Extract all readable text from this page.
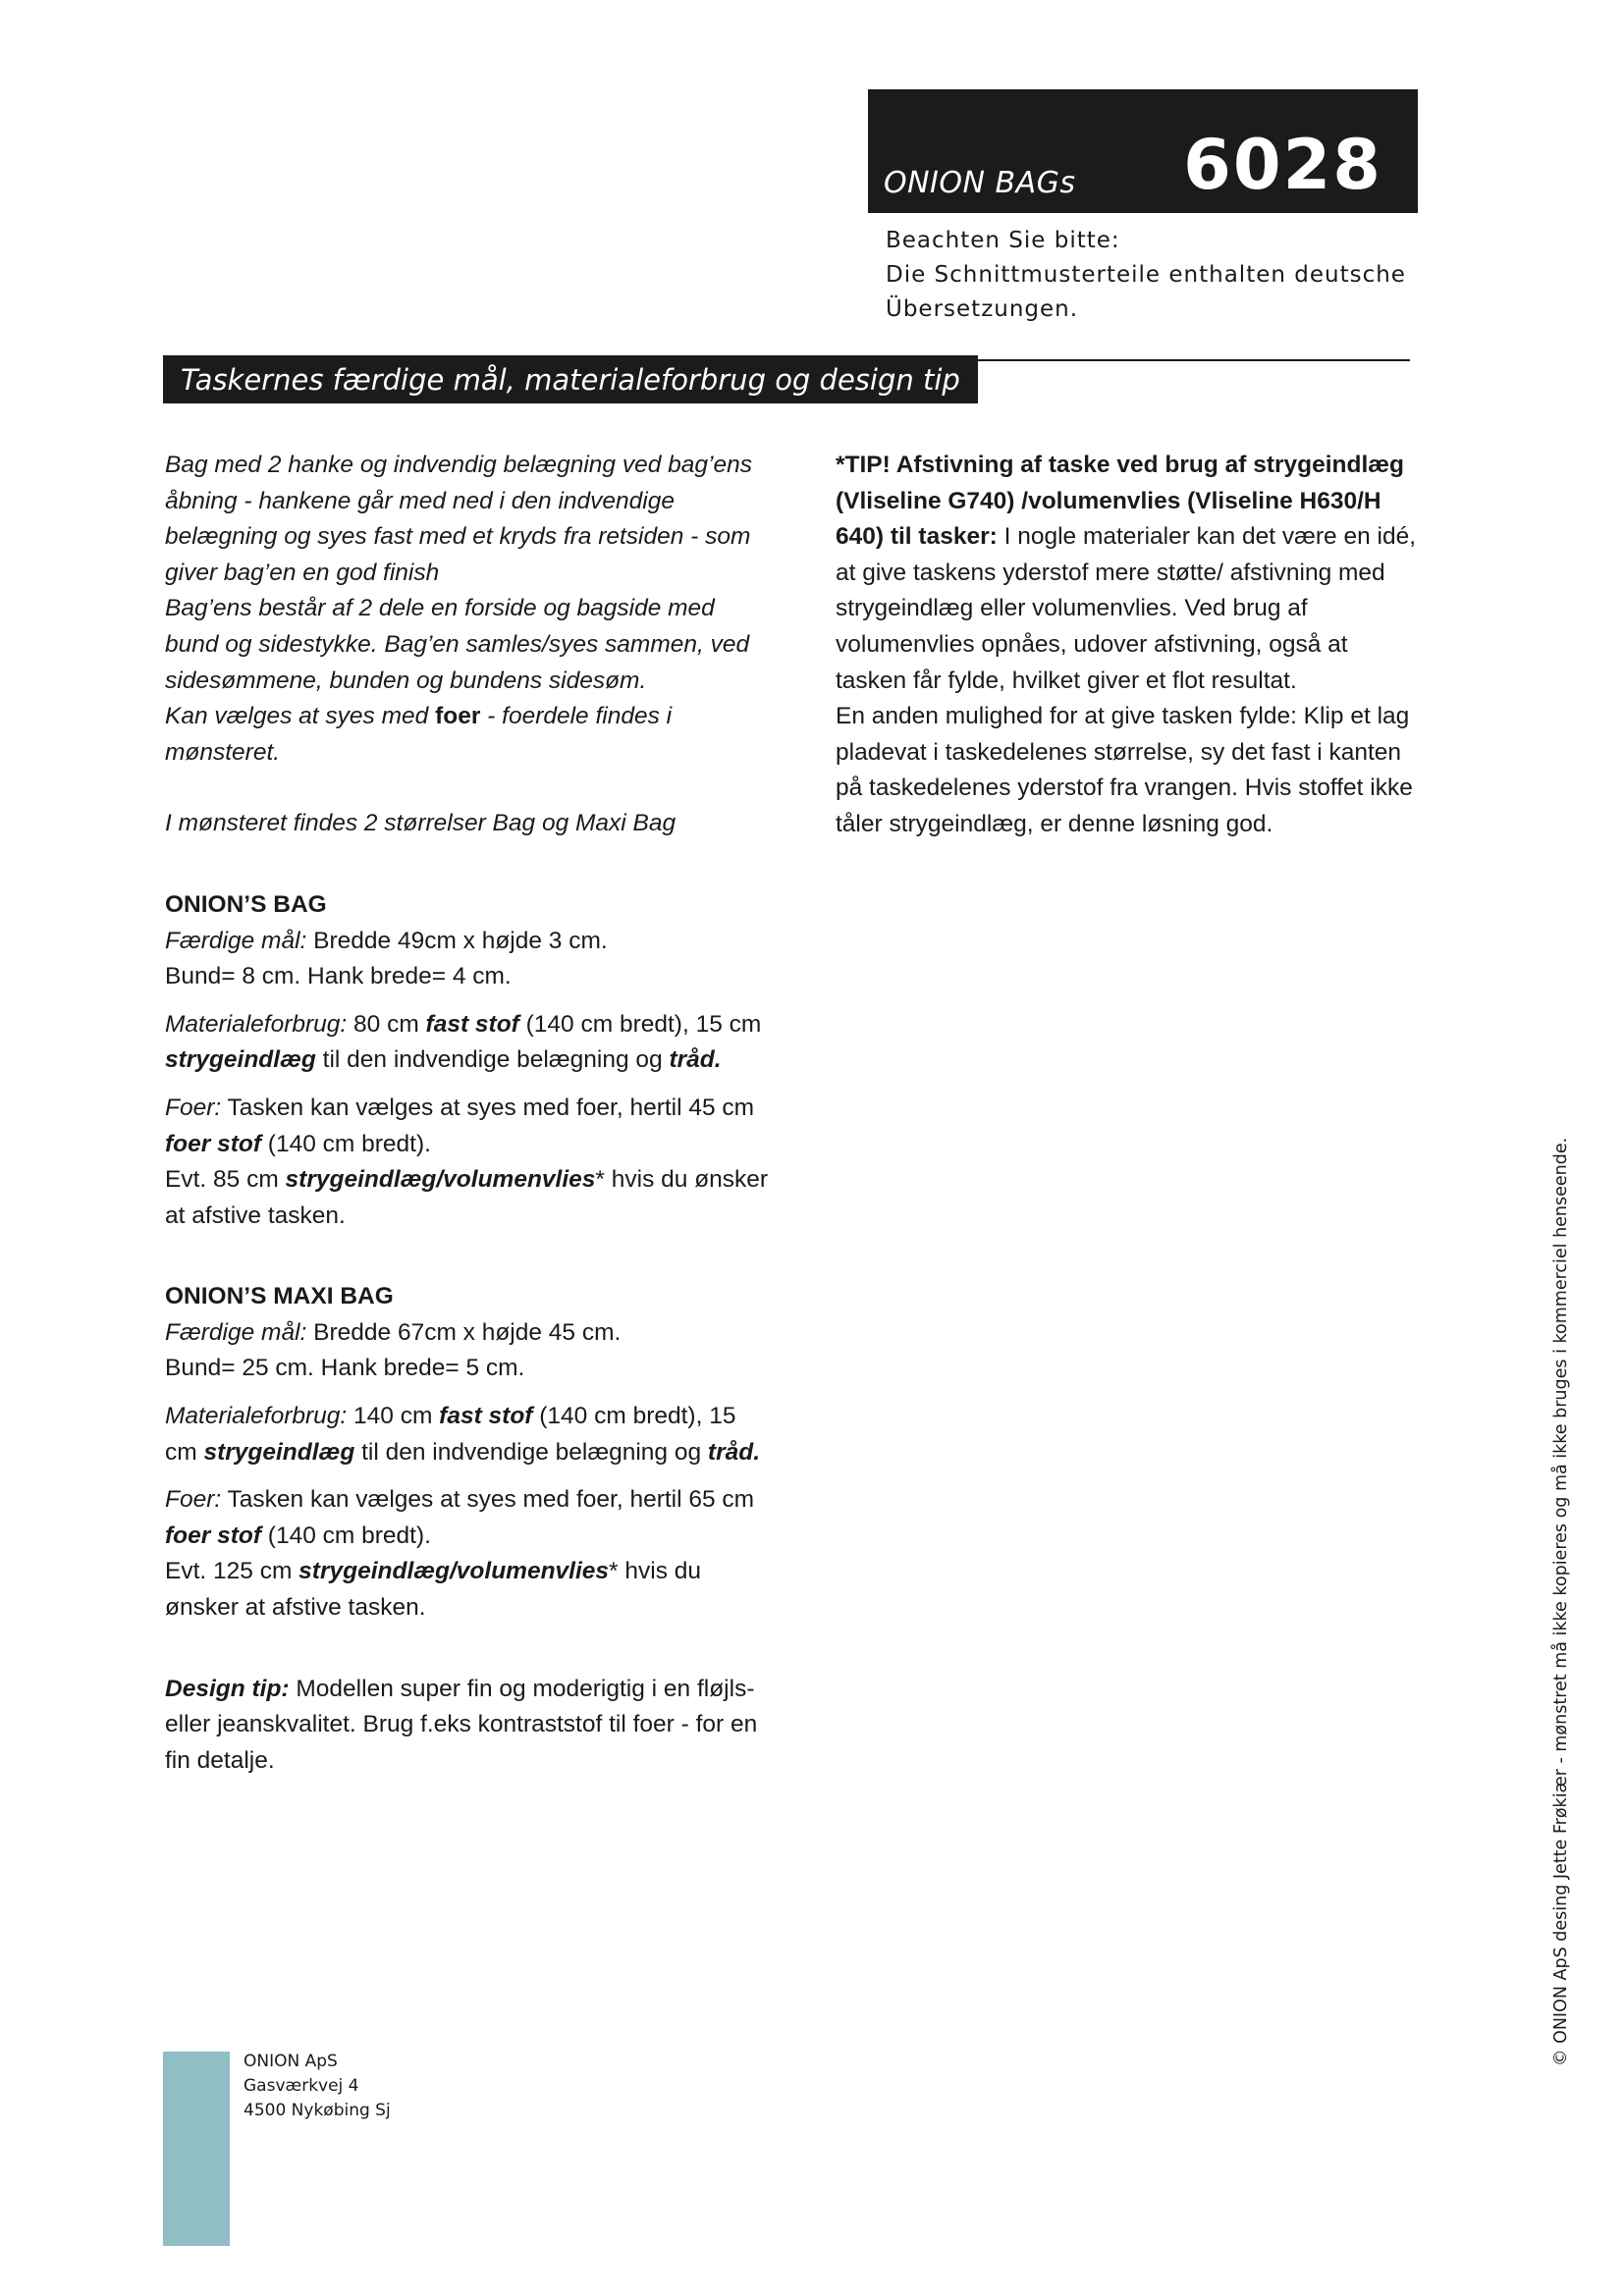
ONION BAGs 6028
Beachten Sie bitte:
Die Schnittmusterteile enthalten deutsche
Übersetzungen.
Taskernes færdige mål, materialeforbrug og design tip

Bag med 2 hanke og indvendig belægning ved bag’ens åbning - hankene går med ned i den indvendige belægning og syes fast med et kryds fra retsiden - som giver bag’en en god finish

Bag’ens består af 2 dele en forside og bagside med bund og sidestykke. Bag’en samles/syes sammen, ved sidesømmene, bunden og bundens sidesøm.

Kan vælges at syes med foer - foerdele findes i mønsteret.

I mønsteret findes 2 størrelser Bag og Maxi Bag

ONION’S BAG

Færdige mål: Bredde 49cm x højde 3 cm.
Bund= 8 cm. Hank brede= 4 cm.

Materialeforbrug: 80 cm fast stof (140 cm bredt), 15 cm strygeindlæg til den indvendige belægning og tråd.

Foer: Tasken kan vælges at syes med foer, hertil 45 cm foer stof (140 cm bredt).
Evt. 85 cm strygeindlæg/volumenvlies* hvis du ønsker at afstive tasken.

ONION’S MAXI BAG

Færdige mål: Bredde 67cm x højde 45 cm.
Bund= 25 cm. Hank brede= 5 cm.

Materialeforbrug: 140 cm fast stof (140 cm bredt), 15 cm strygeindlæg til den indvendige belægning og tråd.

Foer: Tasken kan vælges at syes med foer, hertil 65 cm foer stof (140 cm bredt).
Evt. 125 cm strygeindlæg/volumenvlies* hvis du ønsker at afstive tasken.

Design tip: Modellen super fin og moderigtig i en fløjls- eller jeanskvalitet. Brug f.eks kontraststof til foer - for en fin detalje.

*TIP! Afstivning af taske ved brug af strygeindlæg (Vliseline G740) /volumenvlies (Vliseline H630/H 640) til tasker: I nogle materialer kan det være en idé, at give taskens yderstof mere støtte/ afstivning med strygeindlæg eller volumenvlies. Ved brug af volumenvlies opnåes, udover afstivning, også at tasken får fylde, hvilket giver et flot resultat.

En anden mulighed for at give tasken fylde: Klip et lag pladevat i taskedelenes størrelse, sy det fast i kanten på taskedelenes yderstof fra vrangen. Hvis stoffet ikke tåler strygeindlæg, er denne løsning god.

ONION ApS
Gasværkvej 4
4500 Nykøbing Sj
© ONION ApS desing Jette Frøkiær - mønstret må ikke kopieres og må ikke bruges i kommerciel henseende.
